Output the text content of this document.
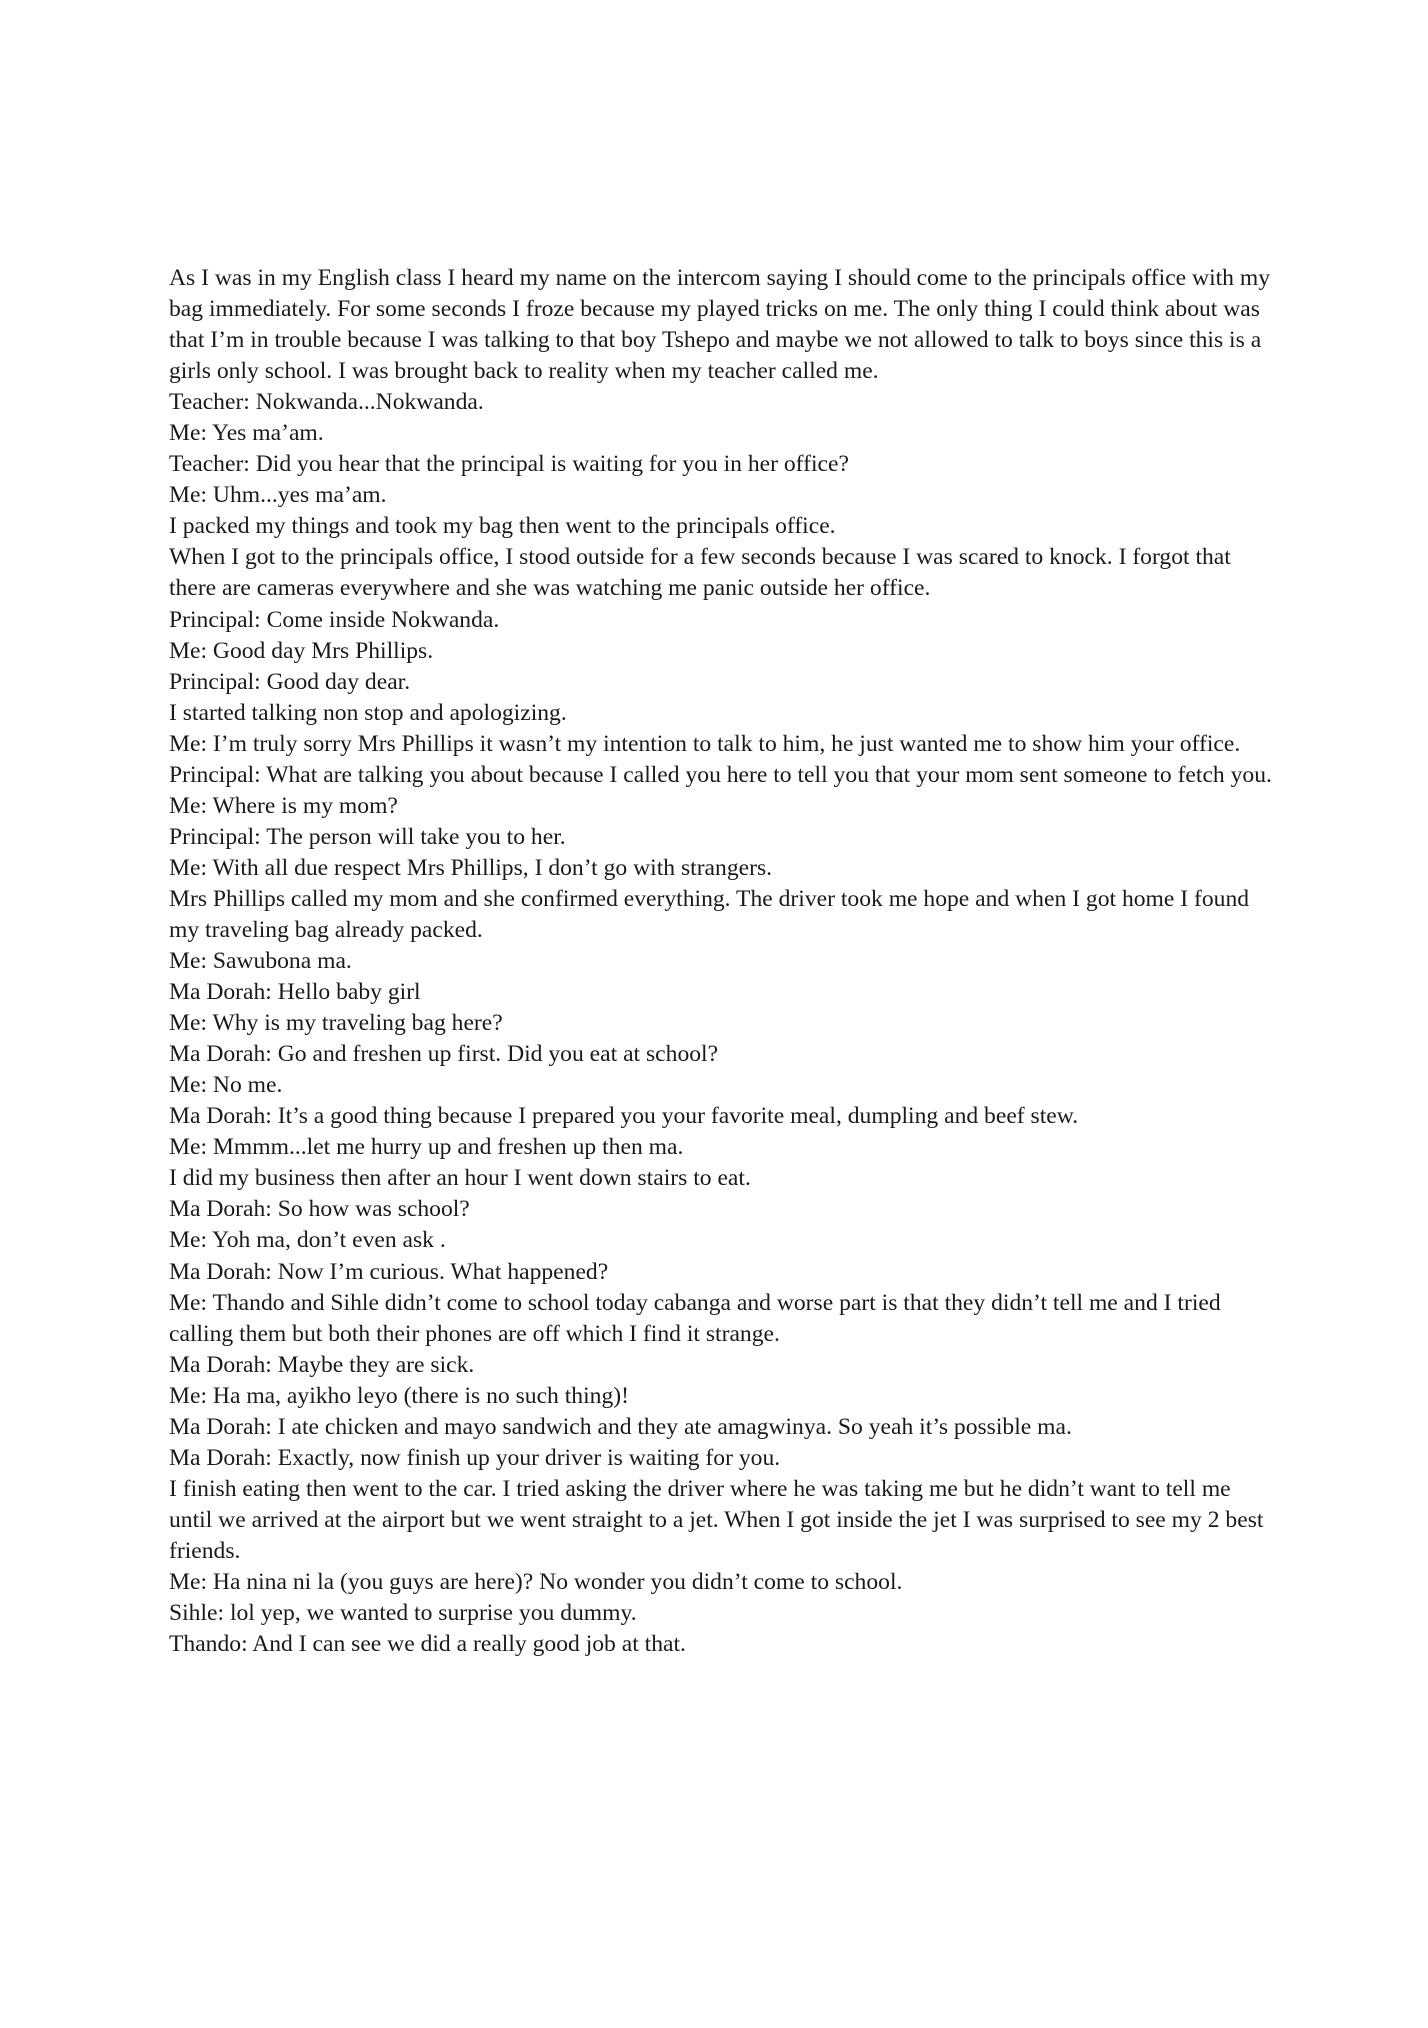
As I was in my English class I heard my name on the intercom saying I should come to the principals office with my bag immediately. For some seconds I froze because my played tricks on me. The only thing I could think about was that I’m in trouble because I was talking to that boy Tshepo and maybe we not allowed to talk to boys since this is a girls only school. I was brought back to reality when my teacher called me.

Teacher: Nokwanda...Nokwanda.

Me: Yes ma’am.

Teacher: Did you hear that the principal is waiting for you in her office?

Me: Uhm...yes ma’am.

I packed my things and took my bag then went to the principals office.

When I got to the principals office, I stood outside for a few seconds because I was scared to knock. I forgot that there are cameras everywhere and she was watching me panic outside her office.

Principal: Come inside Nokwanda.

Me: Good day Mrs Phillips.

Principal: Good day dear.

I started talking non stop and apologizing.

Me: I’m truly sorry Mrs Phillips it wasn’t my intention to talk to him, he just wanted me to show him your office.

Principal: What are talking you about because I called you here to tell you that your mom sent someone to fetch you.

Me: Where is my mom?

Principal: The person will take you to her.

Me: With all due respect Mrs Phillips, I don’t go with strangers.

Mrs Phillips called my mom and she confirmed everything. The driver took me hope and when I got home I found my traveling bag already packed.

Me: Sawubona ma.

Ma Dorah: Hello baby girl

Me: Why is my traveling bag here?

Ma Dorah: Go and freshen up first. Did you eat at school?

Me: No me.

Ma Dorah: It’s a good thing because I prepared you your favorite meal, dumpling and beef stew.

Me: Mmmm...let me hurry up and freshen up then ma.

I did my business then after an hour I went down stairs to eat.

Ma Dorah: So how was school?

Me: Yoh ma, don’t even ask .

Ma Dorah: Now I’m curious. What happened?

Me: Thando and Sihle didn’t come to school today cabanga and worse part is that they didn’t tell me and I tried calling them but both their phones are off which I find it strange.

Ma Dorah: Maybe they are sick.

Me: Ha ma, ayikho leyo (there is no such thing)!

Ma Dorah: I ate chicken and mayo sandwich and they ate amagwinya. So yeah it’s possible ma.

Ma Dorah: Exactly, now finish up your driver is waiting for you.

I finish eating then went to the car. I tried asking the driver where he was taking me but he didn’t want to tell me until we arrived at the airport but we went straight to a jet. When I got inside the jet I was surprised to see my 2 best friends.

Me: Ha nina ni la (you guys are here)? No wonder you didn’t come to school.

Sihle: lol yep, we wanted to surprise you dummy.

Thando: And I can see we did a really good job at that.
